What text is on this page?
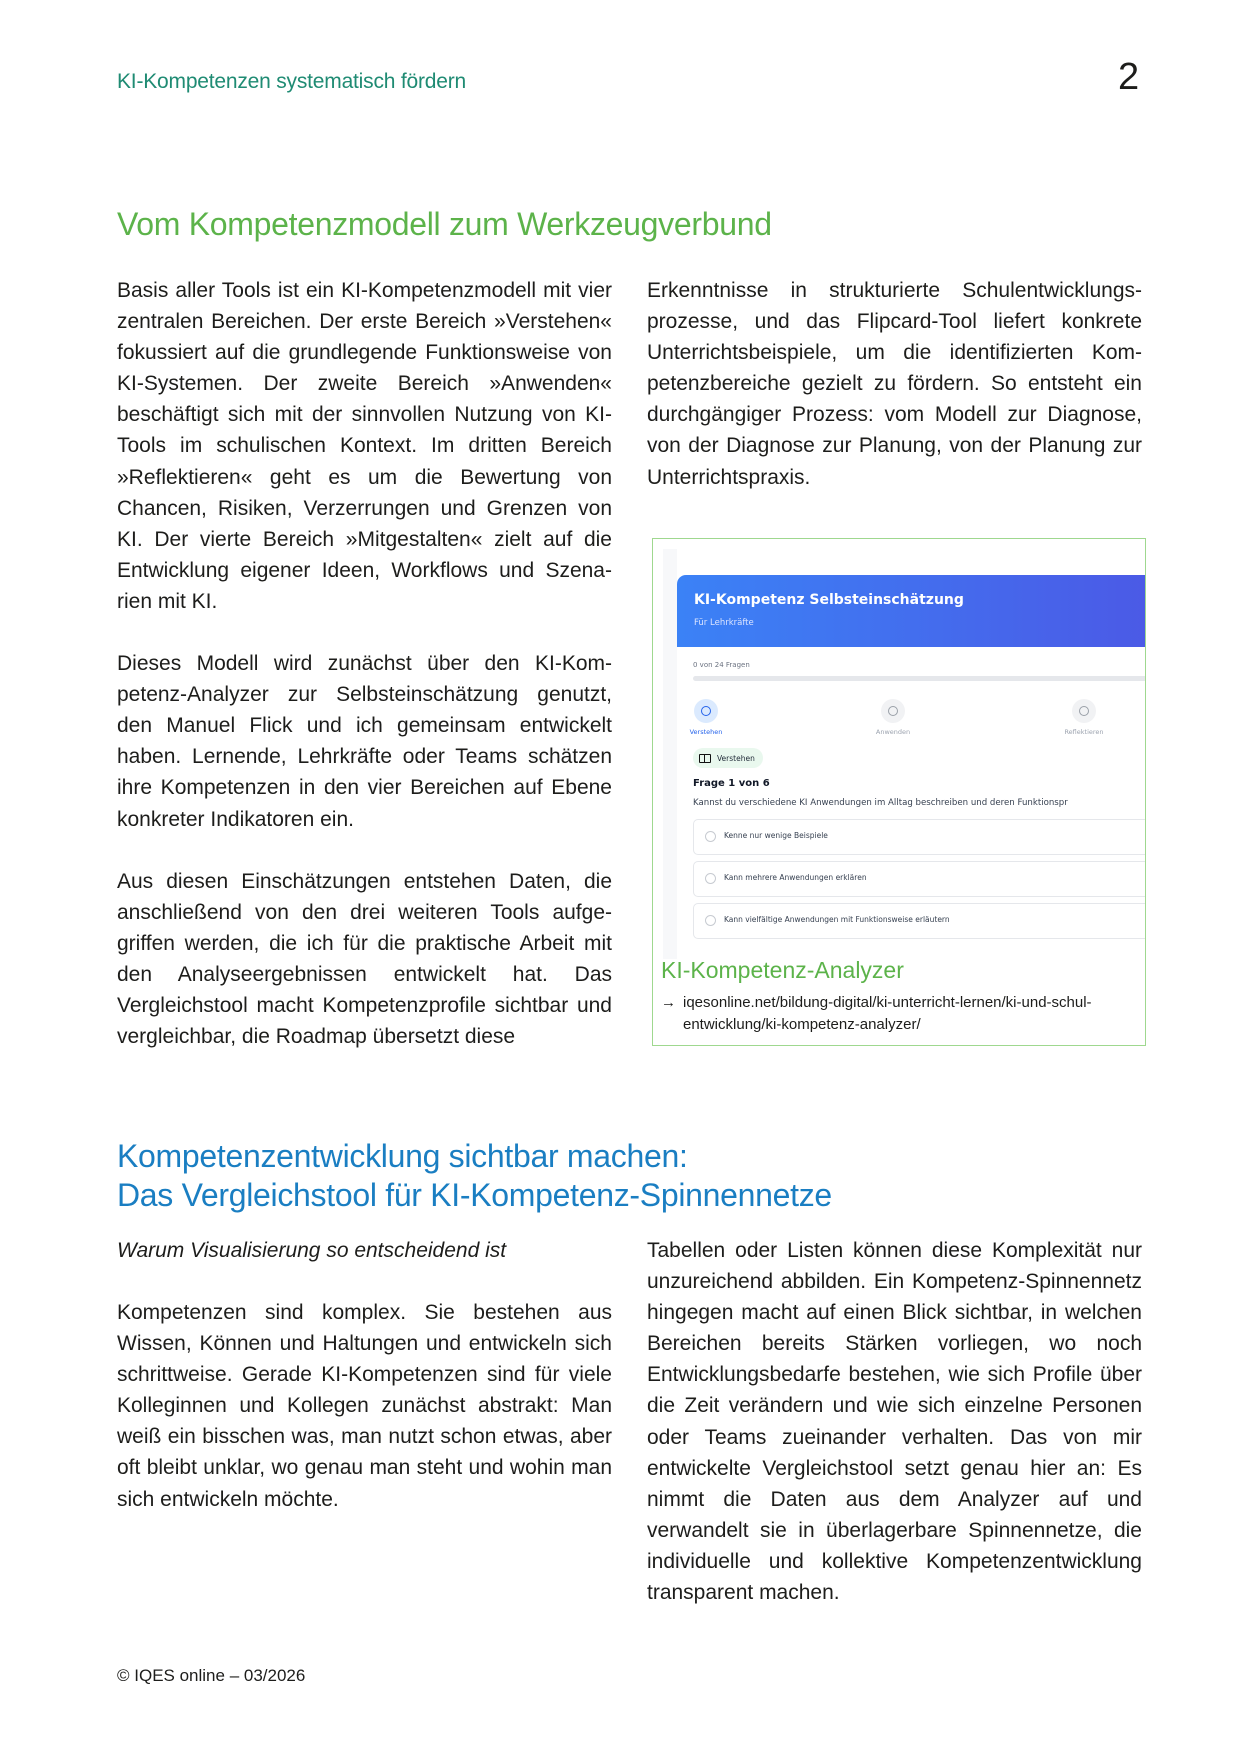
KI-Kompetenzen systematisch fördern	2
Vom Kompetenzmodell zum Werkzeugverbund

Basis aller Tools ist ein KI-Kompetenzmodell mit vier zentralen Bereichen. Der erste Bereich »Verstehen« fokussiert auf die grundlegende Funktionsweise von KI-Systemen. Der zweite Bereich »Anwenden« beschäftigt sich mit der sinnvollen Nutzung von KI-Tools im schulischen Kontext. Im dritten Bereich »Reflektieren« geht es um die Bewertung von Chancen, Risiken, Verzerrungen und Grenzen von KI. Der vierte Bereich »Mitgestalten« zielt auf die Entwicklung eigener Ideen, Workflows und Szenarien mit KI.

Dieses Modell wird zunächst über den KI-Kompetenz-Analyzer zur Selbsteinschätzung genutzt, den Manuel Flick und ich gemeinsam entwickelt haben. Lernende, Lehrkräfte oder Teams schätzen ihre Kompetenzen in den vier Bereichen auf Ebene konkreter Indikatoren ein.

Aus diesen Einschätzungen entstehen Daten, die anschließend von den drei weiteren Tools aufgegriffen werden, die ich für die praktische Arbeit mit den Analyseergebnissen entwickelt hat. Das Vergleichstool macht Kompetenzprofile sichtbar und vergleichbar, die Roadmap übersetzt diese

Erkenntnisse in strukturierte Schulentwicklungsprozesse, und das Flipcard-Tool liefert konkrete Unterrichtsbeispiele, um die identifizierten Kompetenzbereiche gezielt zu fördern. So entsteht ein durchgängiger Prozess: vom Modell zur Diagnose, von der Diagnose zur Planung, von der Planung zur Unterrichtspraxis.

KI-Kompetenz Selbsteinschätzung
Für Lehrkräfte
0 von 24 Fragen
Verstehen	Anwenden	Reflektieren
Verstehen
Frage 1 von 6
Kannst du verschiedene KI Anwendungen im Alltag beschreiben und deren Funktionspr
Kenne nur wenige Beispiele
Kann mehrere Anwendungen erklären
Kann vielfältige Anwendungen mit Funktionsweise erläutern
KI-Kompetenz-Analyzer
→ iqesonline.net/bildung-digital/ki-unterricht-lernen/ki-und-schul-
entwicklung/ki-kompetenz-analyzer/
Kompetenzentwicklung sichtbar machen:
Das Vergleichstool für KI-Kompetenz-Spinnennetze

Warum Visualisierung so entscheidend ist

Kompetenzen sind komplex. Sie bestehen aus Wissen, Können und Haltungen und entwickeln sich schrittweise. Gerade KI-Kompetenzen sind für viele Kolleginnen und Kollegen zunächst abstrakt: Man weiß ein bisschen was, man nutzt schon etwas, aber oft bleibt unklar, wo genau man steht und wohin man sich entwickeln möchte.

Tabellen oder Listen können diese Komplexität nur unzureichend abbilden. Ein Kompetenz-Spinnennetz hingegen macht auf einen Blick sichtbar, in welchen Bereichen bereits Stärken vorliegen, wo noch Entwicklungsbedarfe bestehen, wie sich Profile über die Zeit verändern und wie sich einzelne Personen oder Teams zueinander verhalten. Das von mir entwickelte Vergleichstool setzt genau hier an: Es nimmt die Daten aus dem Analyzer auf und verwandelt sie in überlagerbare Spinnennetze, die individuelle und kollektive Kompetenzentwicklung transparent machen.

© IQES online – 03/2026
